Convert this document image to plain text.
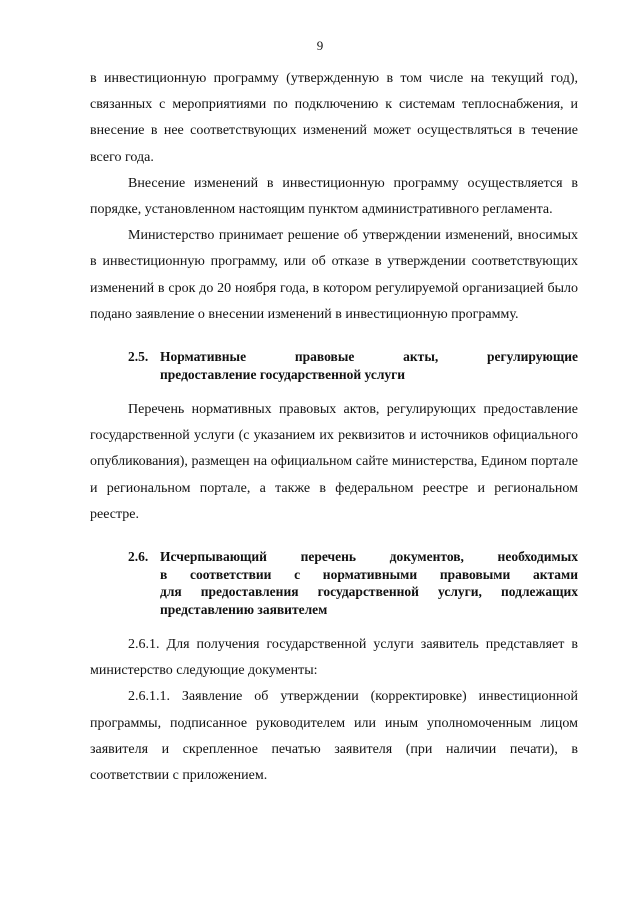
9

в инвестиционную программу (утвержденную в том числе на текущий год), связанных с мероприятиями по подключению к системам теплоснабжения, и внесение в нее соответствующих изменений может осуществляться в течение всего года.

Внесение изменений в инвестиционную программу осуществляется в порядке, установленном настоящим пунктом административного регламента.

Министерство принимает решение об утверждении изменений, вносимых в инвестиционную программу, или об отказе в утверждении соответствующих изменений в срок до 20 ноября года, в котором регулируемой организацией было подано заявление о внесении изменений в инвестиционную программу.

2.5. Нормативные правовые акты, регулирующие
предоставление государственной услуги

Перечень нормативных правовых актов, регулирующих предоставление государственной услуги (с указанием их реквизитов и источников официального опубликования), размещен на официальном сайте министерства, Едином портале и региональном портале, а также в федеральном реестре и региональном реестре.

2.6. Исчерпывающий перечень документов, необходимых
в соответствии с нормативными правовыми актами
для предоставления государственной услуги, подлежащих
представлению заявителем

2.6.1. Для получения государственной услуги заявитель представляет в министерство следующие документы:

2.6.1.1. Заявление об утверждении (корректировке) инвестиционной программы, подписанное руководителем или иным уполномоченным лицом заявителя и скрепленное печатью заявителя (при наличии печати), в соответствии с приложением.
